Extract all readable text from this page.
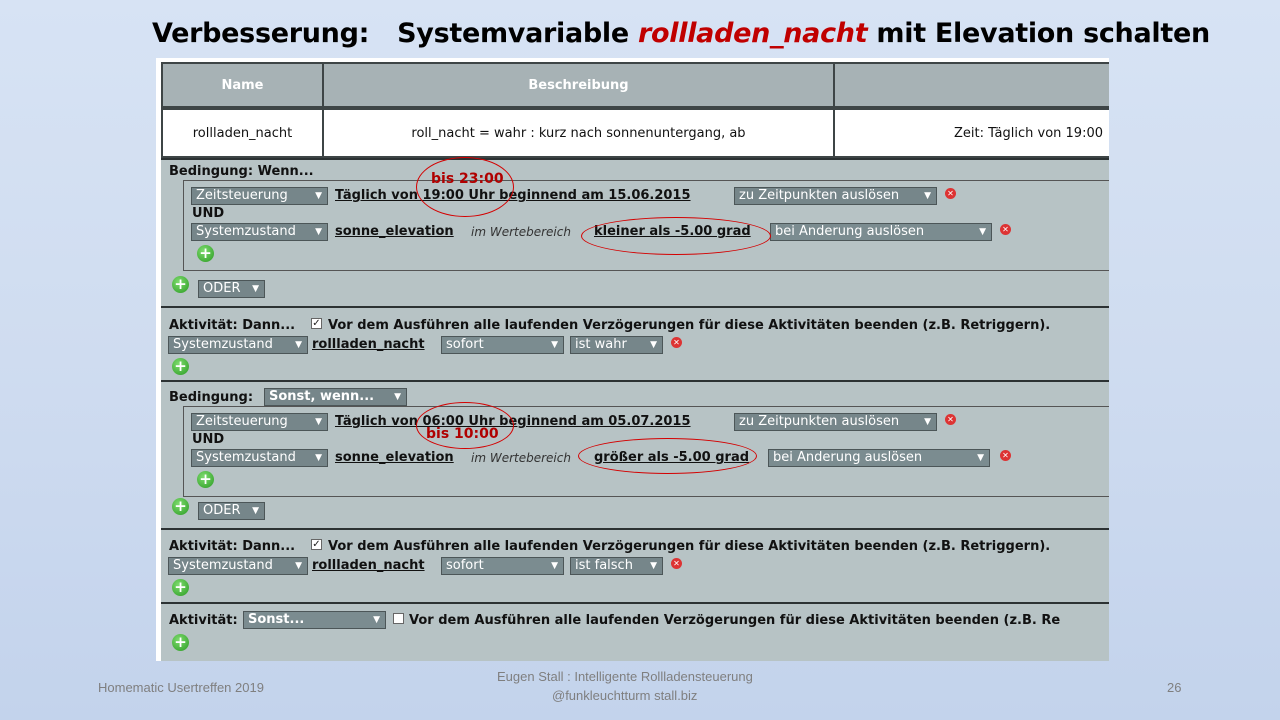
Verbesserung: Systemvariable rollladen_nacht mit Elevation schalten
Name	Beschreibung
rollladen_nacht	roll_nacht = wahr : kurz nach sonnenuntergang, ab	Zeit: Täglich von 19:00
Bedingung: Wenn...
Zeitsteuerung	▼ Täglich von 19:00 Uhr beginnend am 15.06.2015	zu Zeitpunkten auslösen	▼ ✕
UND
Systemzustand ▼ sonne_elevation im Wertebereich kleiner als -5.00 grad	bei Änderung auslösen	▼ ✕
+
+	ODER ▼
Aktivität: Dann... ✓ Vor dem Ausführen alle laufenden Verzögerungen für diese Aktivitäten beenden (z.B. Retriggern).
Systemzustand ▼ rollladen_nacht	sofort	▼	ist wahr	▼ ✕
+
Bedingung:	Sonst, wenn... ▼
Zeitsteuerung	▼ Täglich von 06:00 Uhr beginnend am 05.07.2015	zu Zeitpunkten auslösen	▼ ✕
UND
Systemzustand ▼ sonne_elevation im Wertebereich größer als -5.00 grad	bei Änderung auslösen	▼ ✕
+
+	ODER ▼
Aktivität: Dann... ✓ Vor dem Ausführen alle laufenden Verzögerungen für diese Aktivitäten beenden (z.B. Retriggern).
Systemzustand ▼ rollladen_nacht	sofort	▼	ist falsch ▼ ✕
+
Aktivität: Sonst...	▼ Vor dem Ausführen alle laufenden Verzögerungen für diese Aktivitäten beenden (z.B. Re
+
bis 23:00
bis 10:00
Homematic Usertreffen 2019
Eugen Stall : Intelligente Rollladensteuerung
@funkleuchtturm stall.biz
26
